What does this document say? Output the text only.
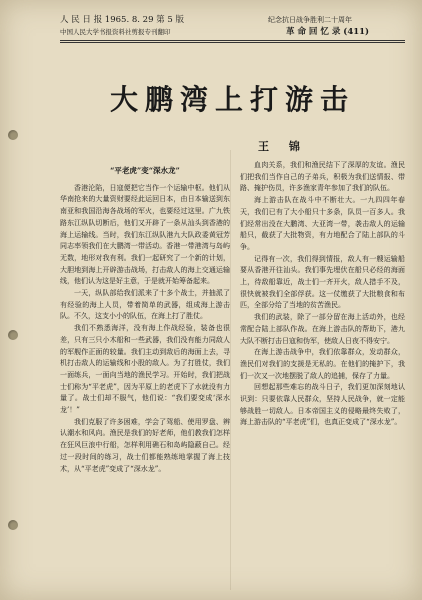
人 民 日 报 1965. 8. 29 第 5 版
中国人民大学书报资料社剪报专刊翻印
纪念抗日战争胜利二十周年
革 命 回 忆 录 (411)
大鹏湾上打游击
王 锦
“平老虎”变“深水龙”

香港沦陷，日寇便把它当作一个运输中枢。他们从华南抢来的大量资财要经此运回日本，由日本输送到东南亚和我国沿海各战场的军火，也要经过这里。广九铁路东江纵队切断后，他们又开辟了一条从汕头到香港的海上运输线。当时，我们东江纵队港九大队政委黄冠芳同志率领我们在大鹏湾一带活动。香港一带港湾与岛屿无数，地形对我有利。我们一起研究了一个新的计划，大胆地到海上开辟游击战场，打击敌人的海上交通运输线，他们认为这是好主意，于是就开始筹备起来。

一天，纵队部给我们派来了十多个战士，并抽派了有经验的海上人员，带着简单的武器，组成海上游击队。不久，这支小小的队伍，在海上打了胜仗。

我们不熟悉海洋，没有海上作战经验，装备也很差，只有三只小木船和一些武器，我们没有能力同敌人的军舰作正面的较量。我们主动到敌后的海面上去，寻机打击敌人的运输线和小股的敌人。为了打胜仗，我们一面练兵，一面向当地的渔民学习。开始时，我们把战士们称为“平老虎”，因为平原上的老虎下了水就没有力量了。战士们却不服气，他们说：“我们要变成‘深水龙’！”

我们克服了许多困难，学会了驾船、使用罗盘、辨认潮水和风向。渔民是我们的好老师，他们教我们怎样在狂风巨浪中行船，怎样利用礁石和岛屿隐蔽自己。经过一段时间的练习，战士们都能熟练地掌握了海上技术，从“平老虎”变成了“深水龙”。

血肉关系，我们和渔民结下了深厚的友谊。渔民们把我们当作自己的子弟兵，积极为我们送情报、带路、掩护伤员，许多渔家青年参加了我们的队伍。

海上游击队在战斗中不断壮大。一九四四年春天，我们已有了大小船只十多条，队员一百多人。我们经常出没在大鹏湾、大亚湾一带，袭击敌人的运输船只，截获了大批物资，有力地配合了陆上部队的斗争。

记得有一次，我们得到情报，敌人有一艘运输船要从香港开往汕头。我们事先埋伏在船只必经的海面上，待敌船靠近，战士们一齐开火，敌人措手不及，很快就被我们全部俘获。这一仗缴获了大批粮食和布匹，全部分给了当地的贫苦渔民。

我们的武装，除了一部分留在海上活动外，也经常配合陆上部队作战。在海上游击队的帮助下，港九大队不断打击日寇和伪军，使敌人日夜不得安宁。

在海上游击战争中，我们依靠群众，发动群众，渔民们对我们的支援是无私的。在他们的掩护下，我们一次又一次地摆脱了敌人的追捕，保存了力量。

回想起那些难忘的战斗日子，我们更加深刻地认识到：只要依靠人民群众，坚持人民战争，就一定能够战胜一切敌人。日本帝国主义的侵略最终失败了，海上游击队的“平老虎”们，也真正变成了“深水龙”。
